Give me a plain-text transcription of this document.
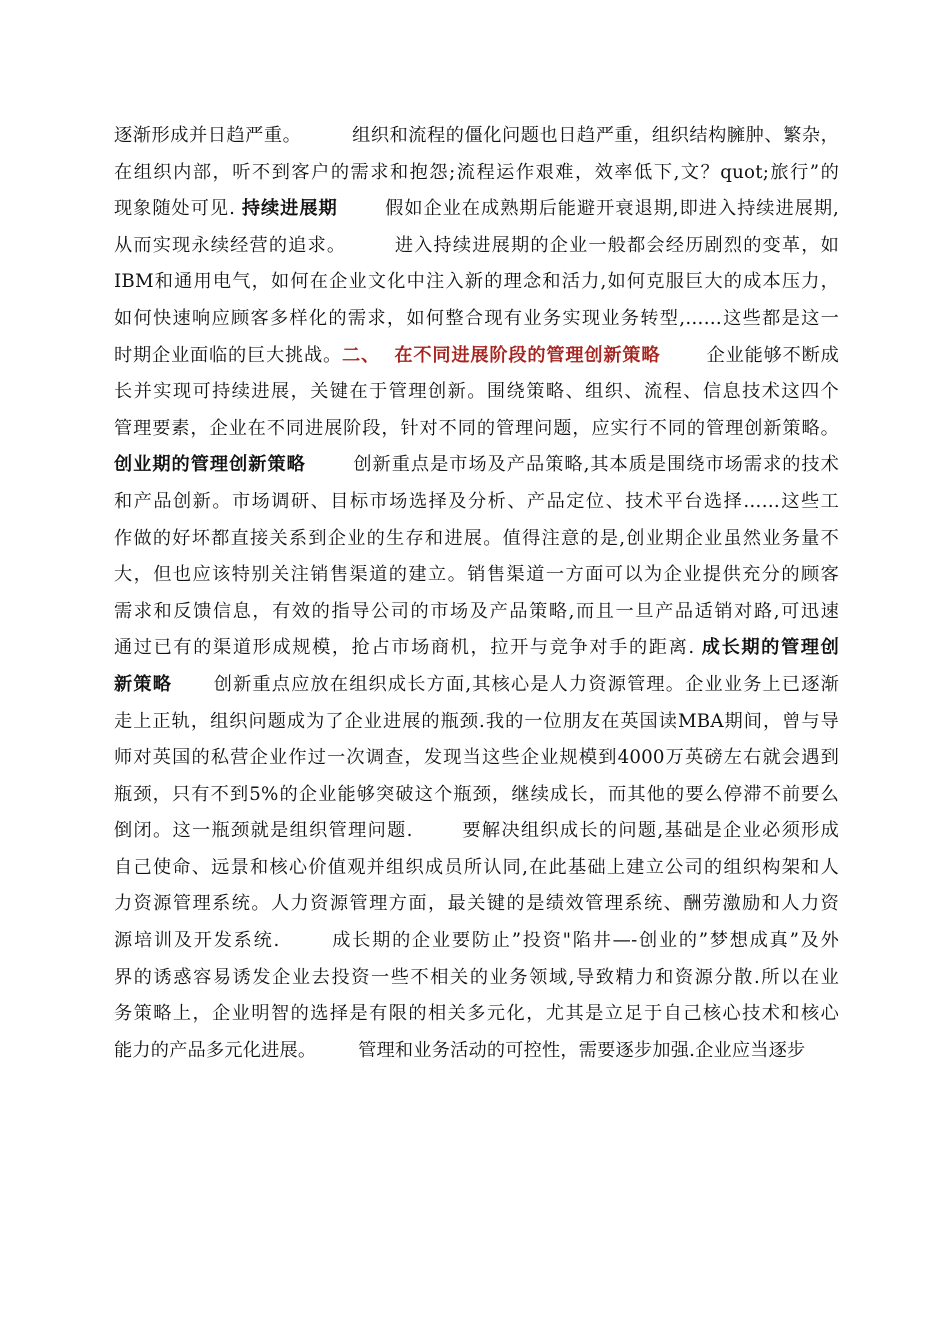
逐渐形成并日趋严重。        组织和流程的僵化问题也日趋严重，组织结构臃肿、繁杂，
在组织内部，听不到客户的需求和抱怨;流程运作艰难，效率低下,文？quot;旅行”的
现象随处可见. 持续进展期       假如企业在成熟期后能避开衰退期,即进入持续进展期,
从而实现永续经营的追求。       进入持续进展期的企业一般都会经历剧烈的变革，如
IBM和通用电气，如何在企业文化中注入新的理念和活力,如何克服巨大的成本压力，
如何快速响应顾客多样化的需求，如何整合现有业务实现业务转型,……这些都是这一
时期企业面临的巨大挑战。二、  在不同进展阶段的管理创新策略       企业能够不断成
长并实现可持续进展，关键在于管理创新。围绕策略、组织、流程、信息技术这四个
管理要素，企业在不同进展阶段，针对不同的管理问题，应实行不同的管理创新策略。
创业期的管理创新策略       创新重点是市场及产品策略,其本质是围绕市场需求的技术
和产品创新。市场调研、目标市场选择及分析、产品定位、技术平台选择……这些工
作做的好坏都直接关系到企业的生存和进展。值得注意的是,创业期企业虽然业务量不
大，但也应该特别关注销售渠道的建立。销售渠道一方面可以为企业提供充分的顾客
需求和反馈信息，有效的指导公司的市场及产品策略,而且一旦产品适销对路,可迅速
通过已有的渠道形成规模，抢占市场商机，拉开与竞争对手的距离. 成长期的管理创
新策略      创新重点应放在组织成长方面,其核心是人力资源管理。企业业务上已逐渐
走上正轨，组织问题成为了企业进展的瓶颈.我的一位朋友在英国读MBA期间，曾与导
师对英国的私营企业作过一次调查，发现当这些企业规模到4000万英磅左右就会遇到
瓶颈，只有不到5%的企业能够突破这个瓶颈，继续成长，而其他的要么停滞不前要么
倒闭。这一瓶颈就是组织管理问题.       要解决组织成长的问题,基础是企业必须形成
自己使命、远景和核心价值观并组织成员所认同,在此基础上建立公司的组织构架和人
力资源管理系统。人力资源管理方面，最关键的是绩效管理系统、酬劳激励和人力资
源培训及开发系统.       成长期的企业要防止”投资"陷井—-创业的”梦想成真”及外
界的诱惑容易诱发企业去投资一些不相关的业务领域,导致精力和资源分散.所以在业
务策略上，企业明智的选择是有限的相关多元化，尤其是立足于自己核心技术和核心
能力的产品多元化进展。       管理和业务活动的可控性，需要逐步加强.企业应当逐步
